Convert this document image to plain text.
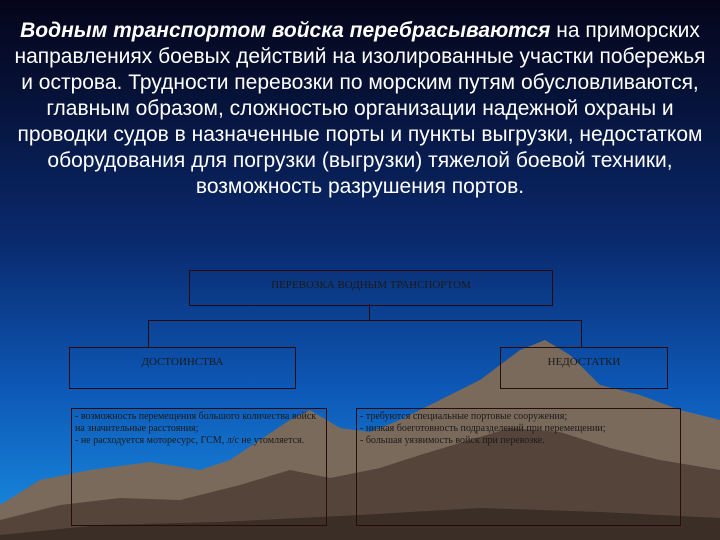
Водным транспортом войска перебрасываются на приморских направлениях боевых действий на изолированные участки побережья и острова. Трудности перевозки по морским путям обусловливаются, главным образом, сложностью организации надежной охраны и проводки судов в назначенные порты и пункты выгрузки, недостатком оборудования для погрузки (выгрузки) тяжелой боевой техники, возможность разрушения портов.
ПЕРЕВОЗКА ВОДНЫМ ТРАНСПОРТОМ
ДОСТОИНСТВА	НЕДОСТАТКИ
- возможность перемещения большого количества войск на значительные расстояния;
- не расходуется моторесурс, ГСМ, л/с не утомляется.
- требуются специальные портовые сооружения;
- низкая боеготовность подразделений при перемещении;
- большая уязвимость войск при перевозке.
